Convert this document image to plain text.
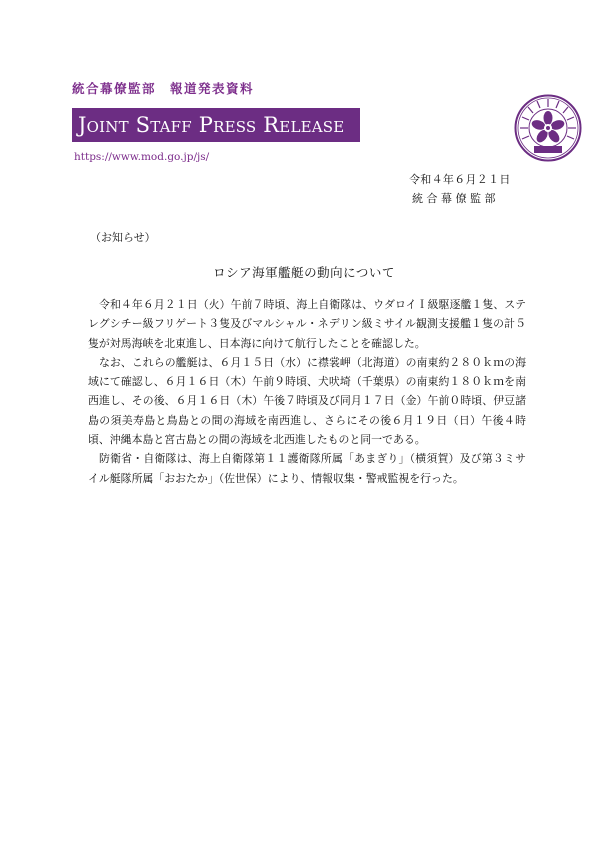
統合幕僚監部　報道発表資料
Joint Staff Press Release
https://www.mod.go.jp/js/
令和４年６月２１日
統合幕僚監部
（お知らせ）
ロシア海軍艦艇の動向について

令和４年６月２１日（火）午前７時頃、海上自衛隊は、ウダロイＩ級駆逐艦１隻、ステレグシチー級フリゲート３隻及びマルシャル・ネデリン級ミサイル観測支援艦１隻の計５隻が対馬海峡を北東進し、日本海に向けて航行したことを確認した。

なお、これらの艦艇は、６月１５日（水）に襟裳岬（北海道）の南東約２８０ｋｍの海域にて確認し、６月１６日（木）午前９時頃、犬吠埼（千葉県）の南東約１８０ｋｍを南西進し、その後、６月１６日（木）午後７時頃及び同月１７日（金）午前０時頃、伊豆諸島の須美寿島と鳥島との間の海域を南西進し、さらにその後６月１９日（日）午後４時頃、沖縄本島と宮古島との間の海域を北西進したものと同一である。

防衛省・自衛隊は、海上自衛隊第１１護衛隊所属「あまぎり」（横須賀）及び第３ミサイル艇隊所属「おおたか」（佐世保）により、情報収集・警戒監視を行った。
